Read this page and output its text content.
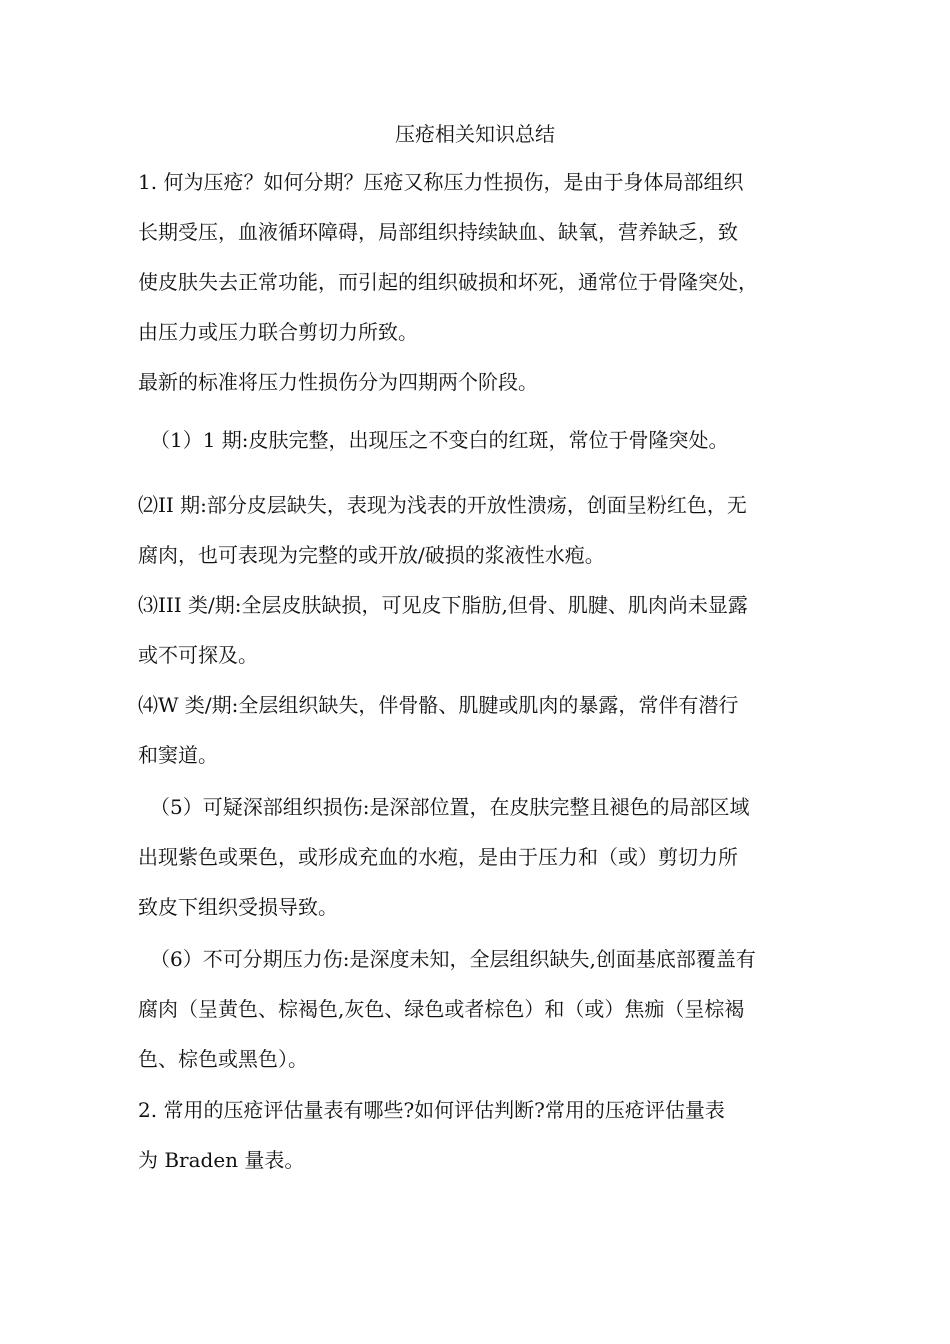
压疮相关知识总结
1. 何为压疮？如何分期？压疮又称压力性损伤，是由于身体局部组织
长期受压，血液循环障碍，局部组织持续缺血、缺氧，营养缺乏，致
使皮肤失去正常功能，而引起的组织破损和坏死，通常位于骨隆突处，
由压力或压力联合剪切力所致。
最新的标准将压力性损伤分为四期两个阶段。
（1）1 期:皮肤完整，出现压之不变白的红斑，常位于骨隆突处。
⑵II 期:部分皮层缺失，表现为浅表的开放性溃疡，创面呈粉红色，无
腐肉，也可表现为完整的或开放/破损的浆液性水疱。
⑶III 类/期:全层皮肤缺损，可见皮下脂肪,但骨、肌腱、肌肉尚未显露
或不可探及。
⑷W 类/期:全层组织缺失，伴骨骼、肌腱或肌肉的暴露，常伴有潜行
和窦道。
（5）可疑深部组织损伤:是深部位置，在皮肤完整且褪色的局部区域
出现紫色或栗色，或形成充血的水疱，是由于压力和（或）剪切力所
致皮下组织受损导致。
（6）不可分期压力伤:是深度未知，全层组织缺失,创面基底部覆盖有
腐肉（呈黄色、棕褐色,灰色、绿色或者棕色）和（或）焦痂（呈棕褐
色、棕色或黑色）。
2. 常用的压疮评估量表有哪些?如何评估判断?常用的压疮评估量表
为 Braden 量表。
